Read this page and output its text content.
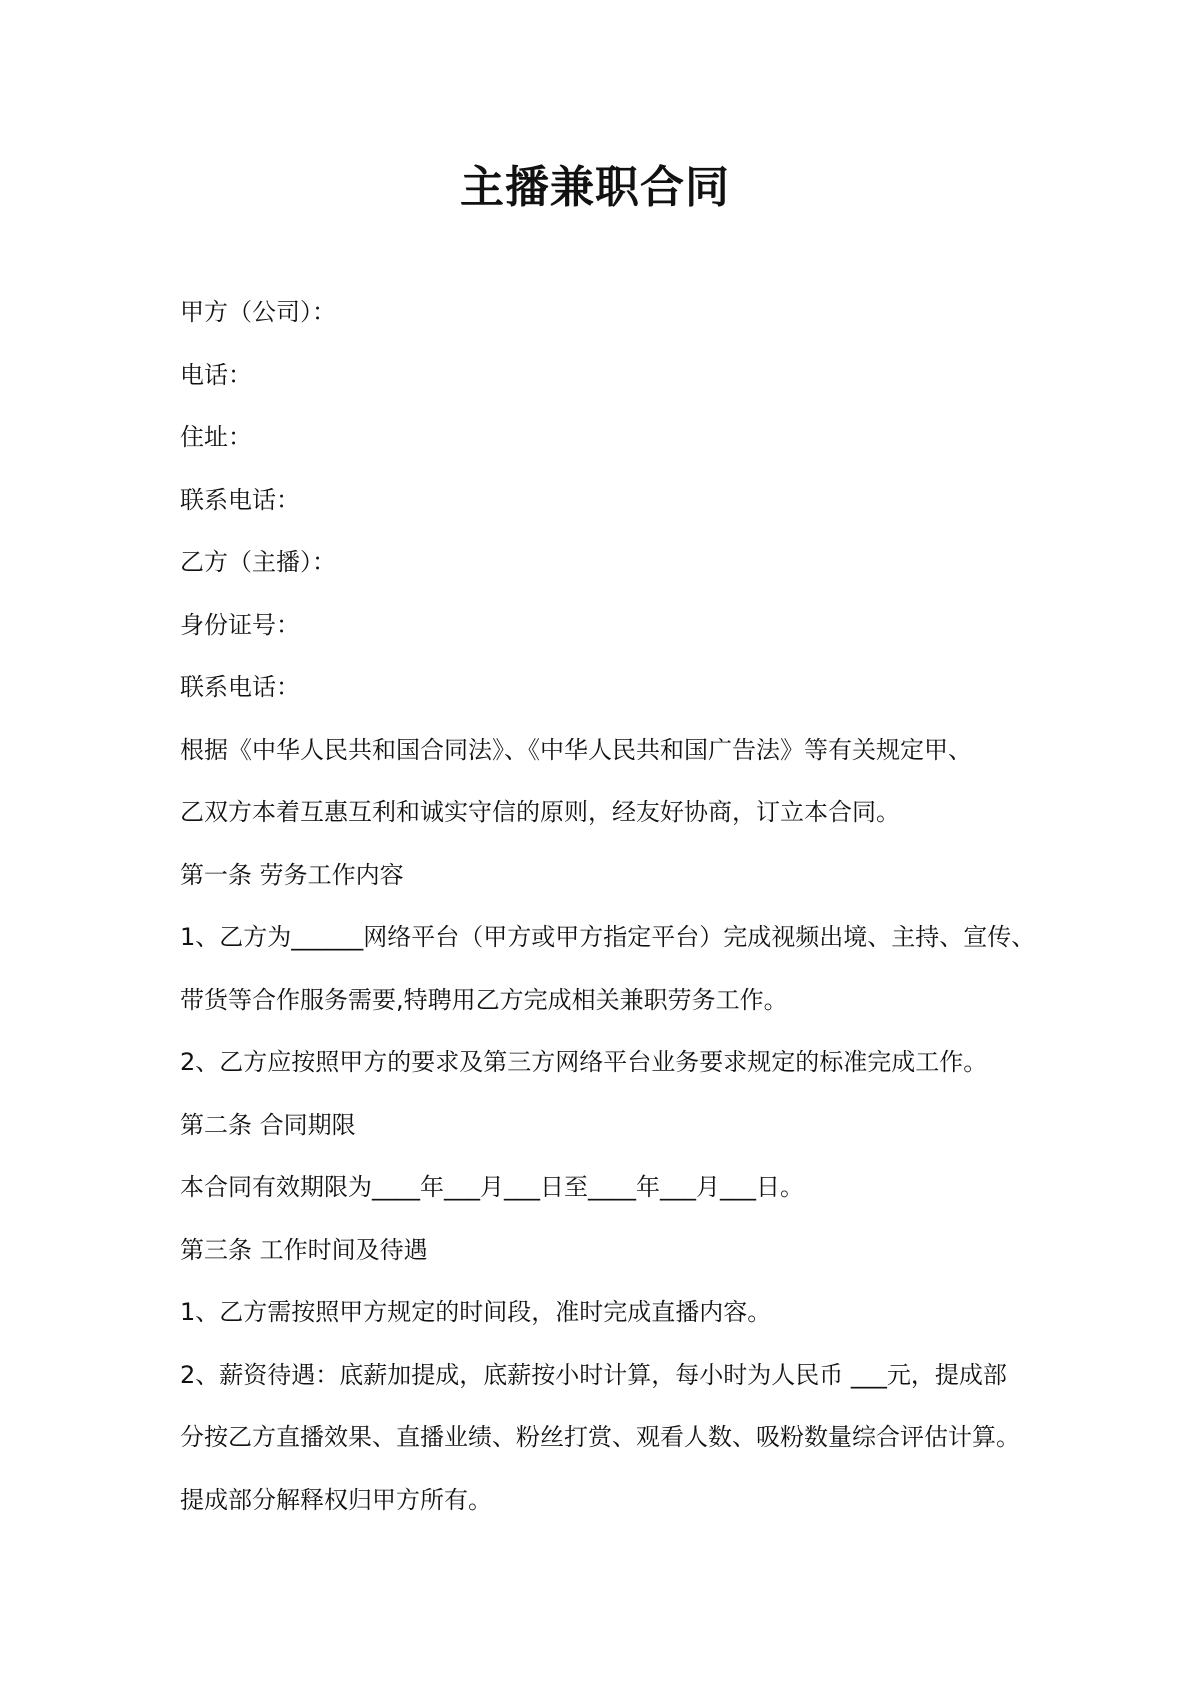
主播兼职合同
甲方（公司）：
电话：
住址：
联系电话：
乙方（主播）：
身份证号：
联系电话：
根据《中华人民共和国合同法》、《中华人民共和国广告法》等有关规定甲、
乙双方本着互惠互利和诚实守信的原则，经友好协商，订立本合同。
第一条 劳务工作内容
1、乙方为______网络平台（甲方或甲方指定平台）完成视频出境、主持、宣传、
带货等合作服务需要,特聘用乙方完成相关兼职劳务工作。
2、乙方应按照甲方的要求及第三方网络平台业务要求规定的标准完成工作。
第二条 合同期限
本合同有效期限为____年___月___日至____年___月___日。
第三条 工作时间及待遇
1、乙方需按照甲方规定的时间段，准时完成直播内容。
2、薪资待遇：底薪加提成，底薪按小时计算，每小时为人民币 ___元，提成部
分按乙方直播效果、直播业绩、粉丝打赏、观看人数、吸粉数量综合评估计算。
提成部分解释权归甲方所有。
